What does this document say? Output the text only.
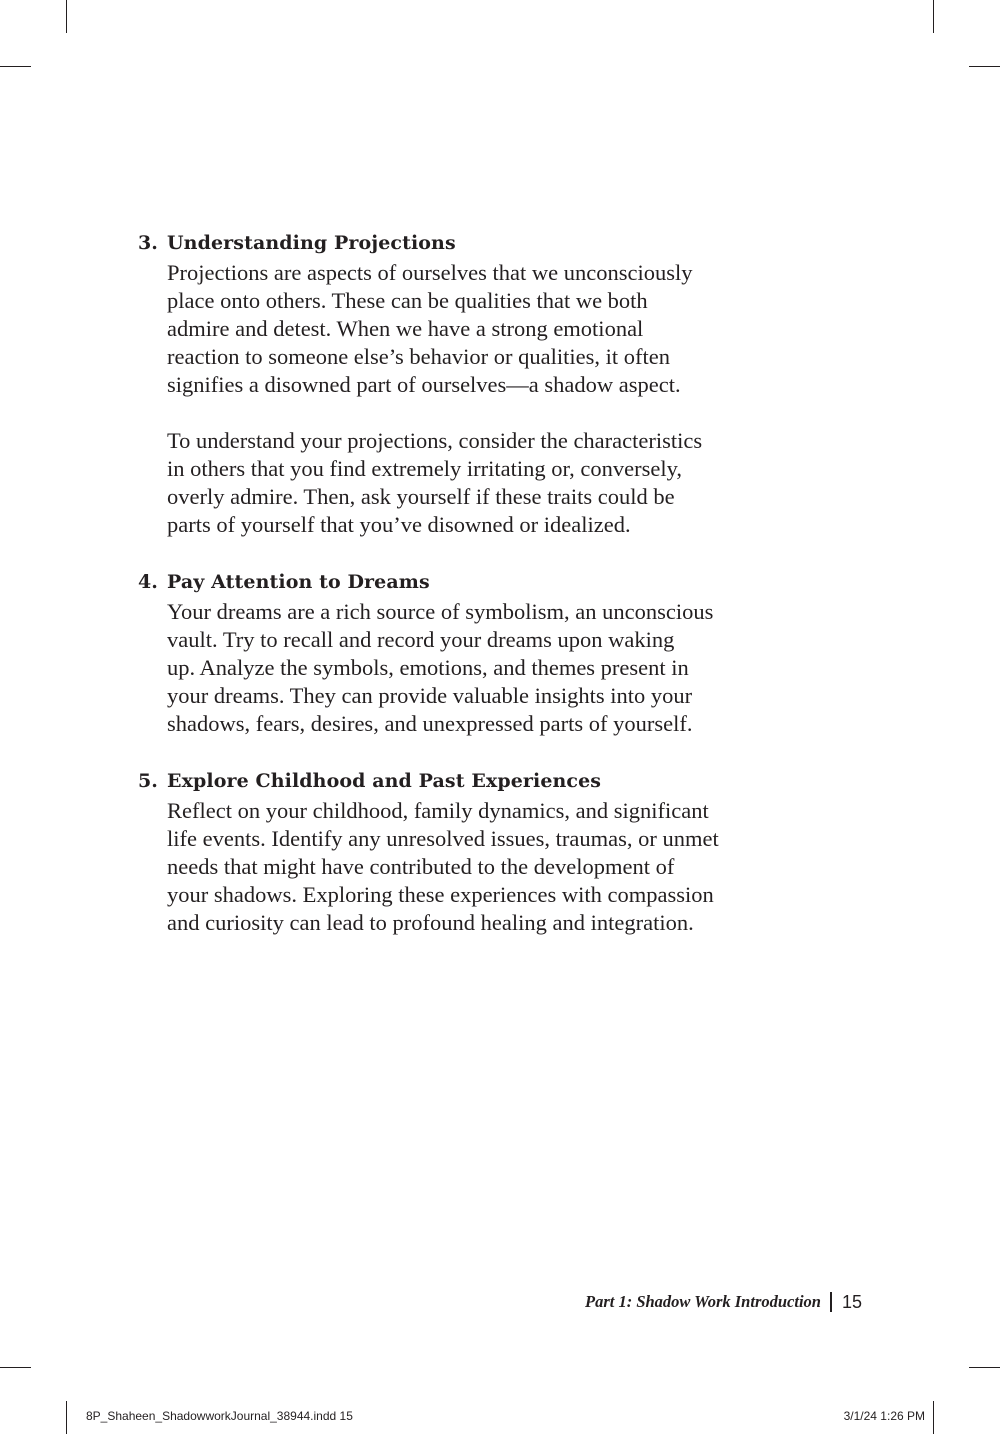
3. Understanding Projections

Projections are aspects of ourselves that we unconsciously
place onto others. These can be qualities that we both
admire and detest. When we have a strong emotional
reaction to someone else’s behavior or qualities, it often
signifies a disowned part of ourselves—a shadow aspect.

To understand your projections, consider the characteristics
in others that you find extremely irritating or, conversely,
overly admire. Then, ask yourself if these traits could be
parts of yourself that you’ve disowned or idealized.

4. Pay Attention to Dreams

Your dreams are a rich source of symbolism, an unconscious
vault. Try to recall and record your dreams upon waking
up. Analyze the symbols, emotions, and themes present in
your dreams. They can provide valuable insights into your
shadows, fears, desires, and unexpressed parts of yourself.

5. Explore Childhood and Past Experiences

Reflect on your childhood, family dynamics, and significant
life events. Identify any unresolved issues, traumas, or unmet
needs that might have contributed to the development of
your shadows. Exploring these experiences with compassion
and curiosity can lead to profound healing and integration.

Part 1: Shadow Work Introduction 15
8P_Shaheen_ShadowworkJournal_38944.indd 15	3/1/24 1:26 PM
